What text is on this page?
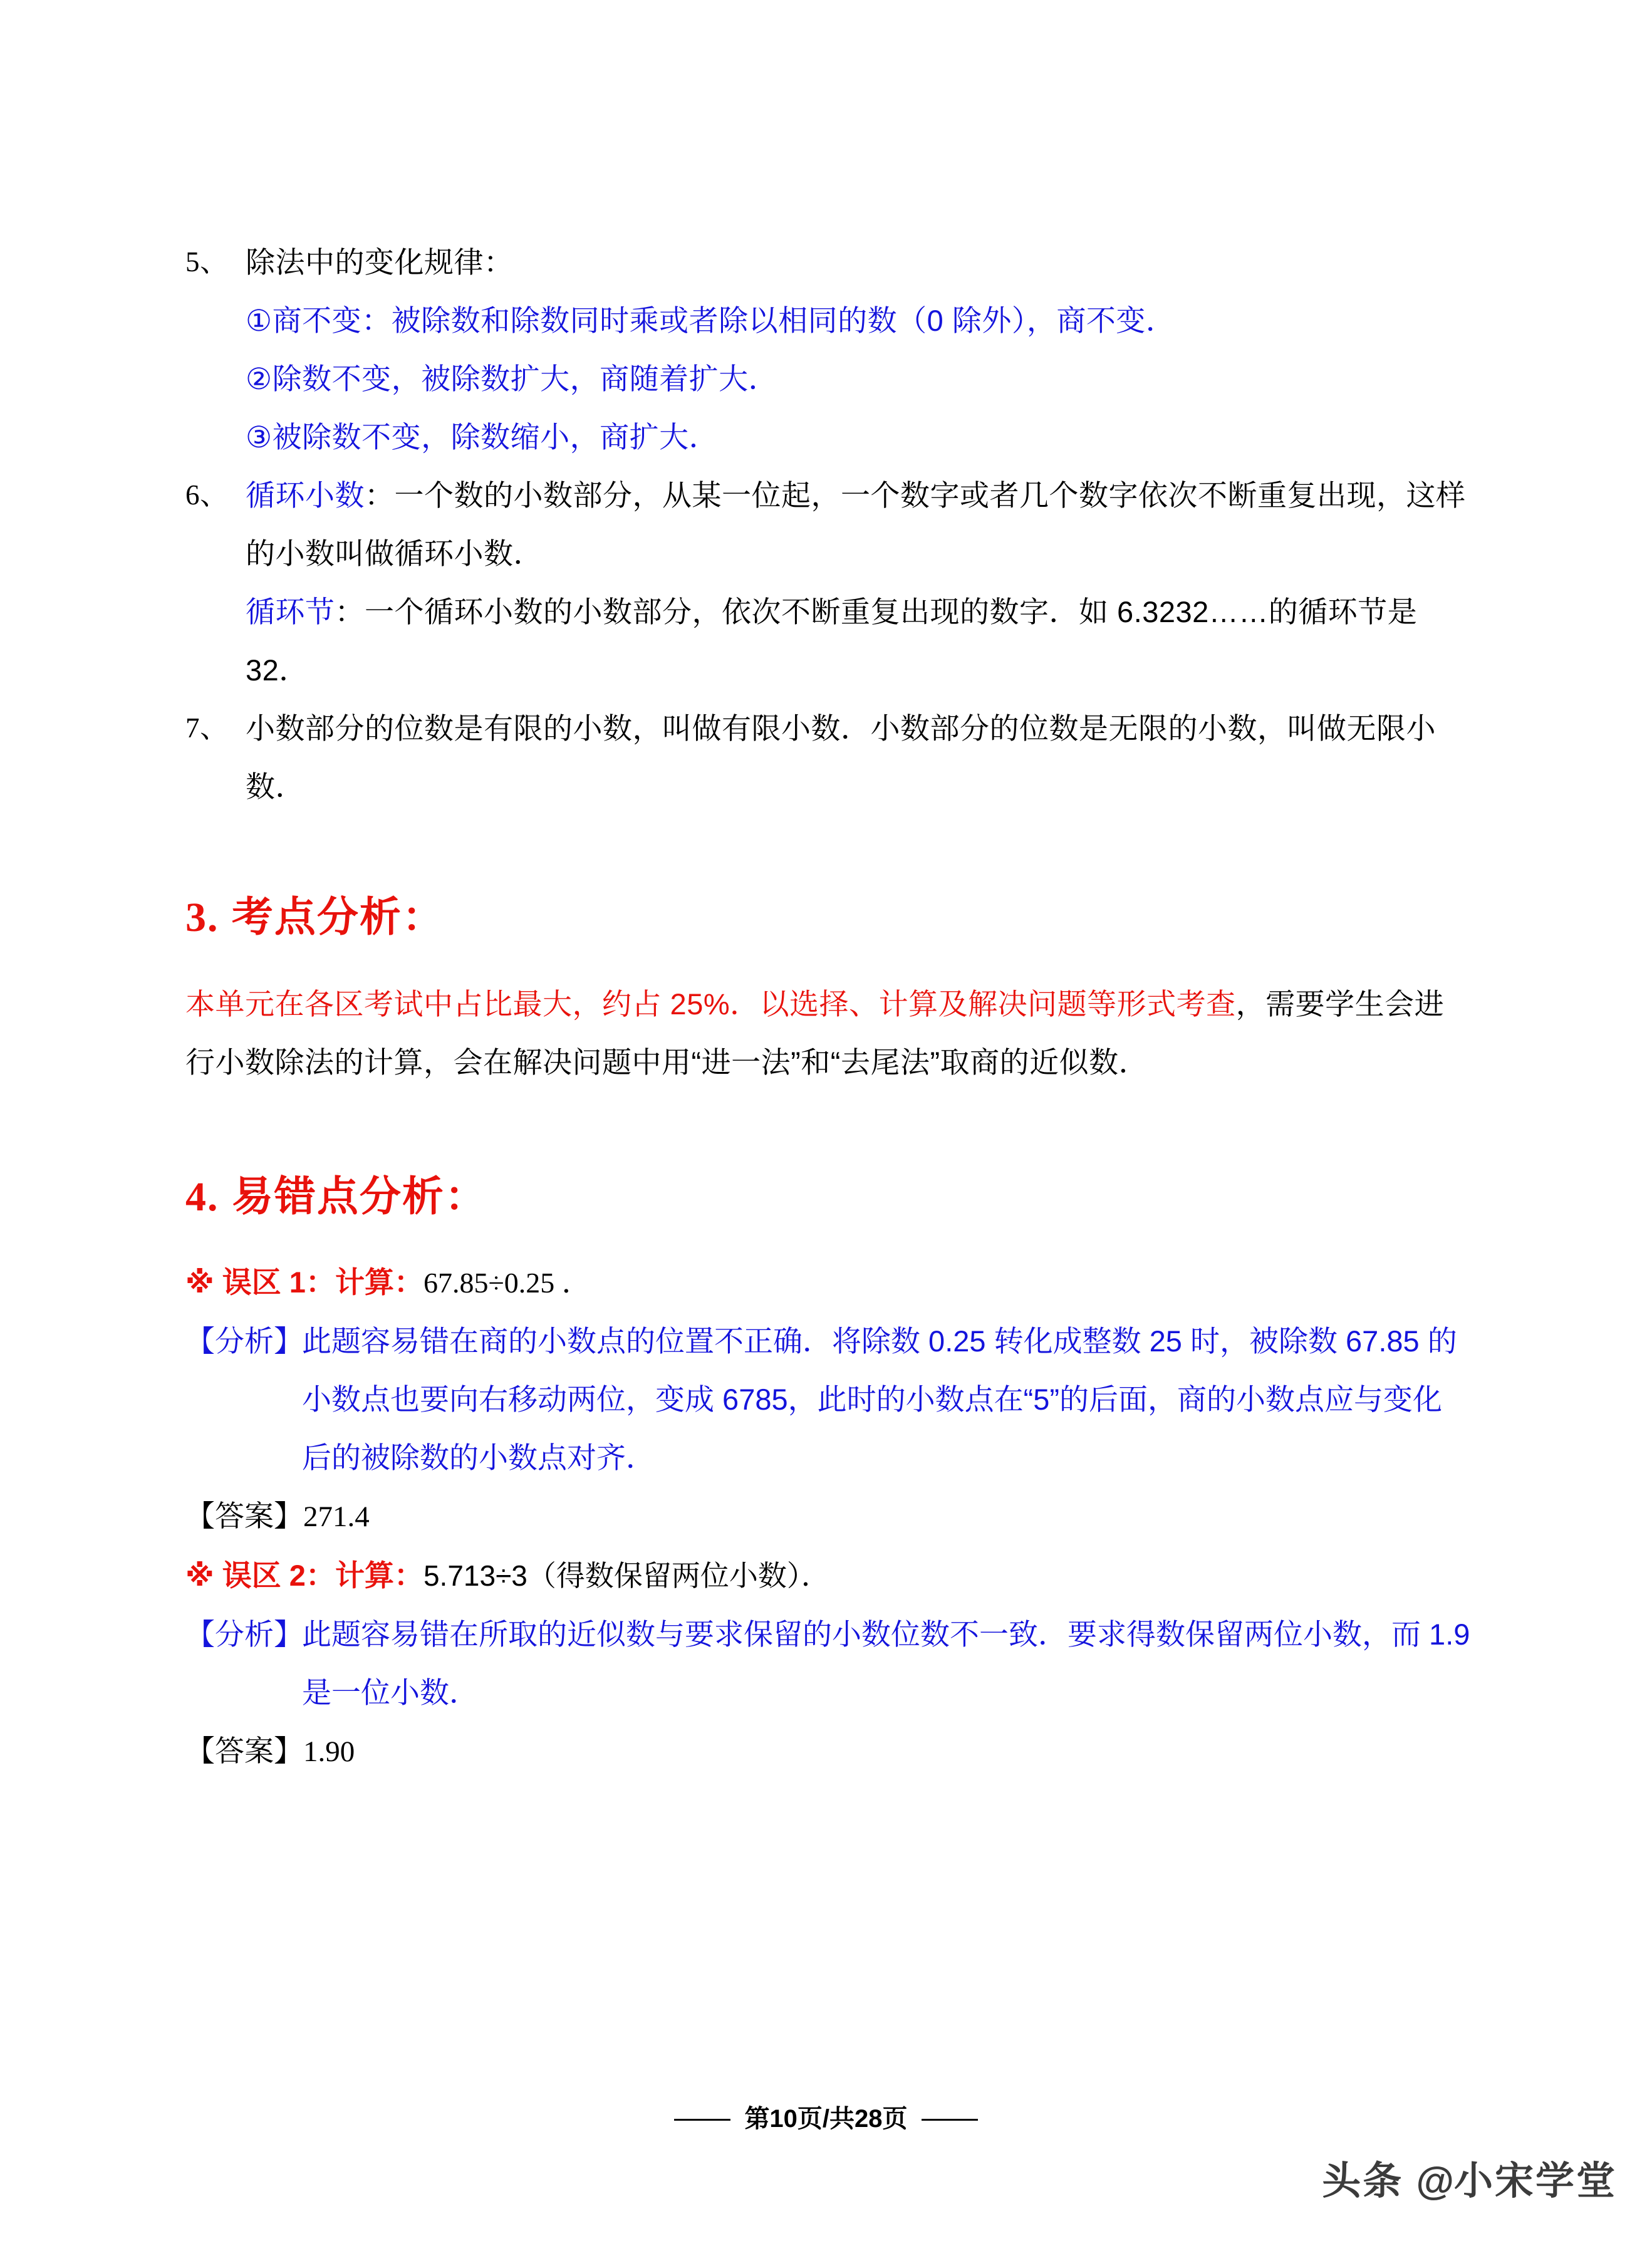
5、 除法中的变化规律：
①商不变：被除数和除数同时乘或者除以相同的数（0 除外），商不变．
②除数不变，被除数扩大，商随着扩大．
③被除数不变，除数缩小，商扩大．
6、 循环小数：一个数的小数部分，从某一位起，一个数字或者几个数字依次不断重复出现，这样的小数叫做循环小数．
循环节：一个循环小数的小数部分，依次不断重复出现的数字．如 6.3232……的循环节是 32．
7、 小数部分的位数是有限的小数，叫做有限小数．小数部分的位数是无限的小数，叫做无限小数．
3. 考点分析：
本单元在各区考试中占比最大，约占 25%．以选择、计算及解决问题等形式考查，需要学生会进行小数除法的计算，会在解决问题中用“进一法”和“去尾法”取商的近似数．
4. 易错点分析：
※ 误区 1：计算：67.85÷0.25 ．
【分析】
此题容易错在商的小数点的位置不正确．将除数 0.25 转化成整数 25 时，被除数 67.85 的小数点也要向右移动两位，变成 6785，此时的小数点在“5”的后面，商的小数点应与变化后的被除数的小数点对齐．
【答案】271.4
※ 误区 2：计算：5.713÷3（得数保留两位小数）．
【分析】
此题容易错在所取的近似数与要求保留的小数位数不一致．要求得数保留两位小数，而 1.9 是一位小数．
【答案】1.90
第10页/共28页
头条 @小宋学堂
